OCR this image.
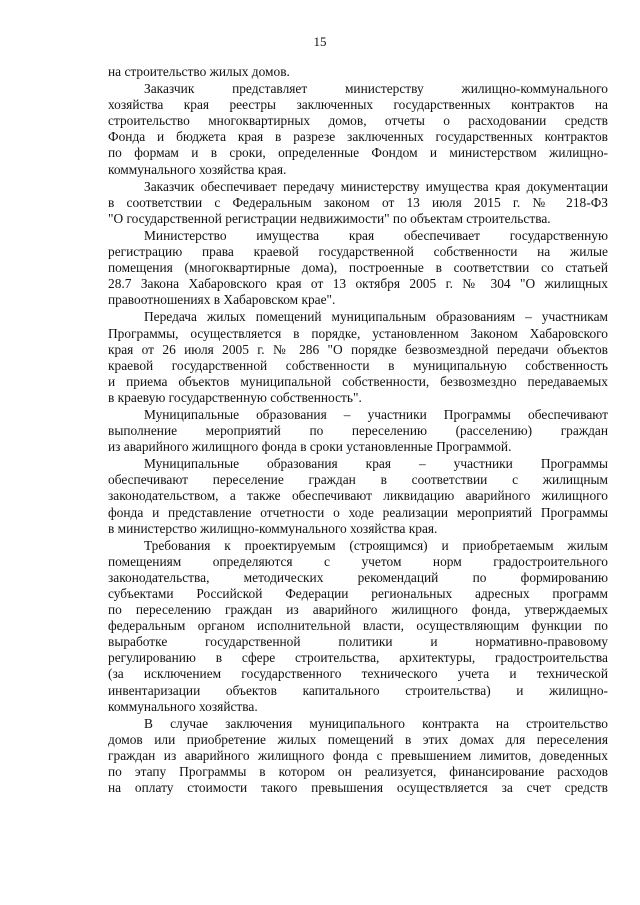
15
на строительство жилых домов.
Заказчик представляет министерству жилищно-коммунального
хозяйства края реестры заключенных государственных контрактов на
строительство многоквартирных домов, отчеты о расходовании средств
Фонда и бюджета края в разрезе заключенных государственных контрактов
по формам и в сроки, определенные Фондом и министерством жилищно-
коммунального хозяйства края.
Заказчик обеспечивает передачу министерству имущества края документации
в соответствии с Федеральным законом от 13 июля 2015 г. № 218-ФЗ
"О государственной регистрации недвижимости" по объектам строительства.
Министерство имущества края обеспечивает государственную
регистрацию права краевой государственной собственности на жилые
помещения (многоквартирные дома), построенные в соответствии со статьей
28.7 Закона Хабаровского края от 13 октября 2005 г. № 304 "О жилищных
правоотношениях в Хабаровском крае".
Передача жилых помещений муниципальным образованиям – участникам
Программы, осуществляется в порядке, установленном Законом Хабаровского
края от 26 июля 2005 г. № 286 "О порядке безвозмездной передачи объектов
краевой государственной собственности в муниципальную собственность
и приема объектов муниципальной собственности, безвозмездно передаваемых
в краевую государственную собственность".
Муниципальные образования – участники Программы обеспечивают
выполнение мероприятий по переселению (расселению) граждан
из аварийного жилищного фонда в сроки установленные Программой.
Муниципальные образования края – участники Программы
обеспечивают переселение граждан в соответствии с жилищным
законодательством, а также обеспечивают ликвидацию аварийного жилищного
фонда и представление отчетности о ходе реализации мероприятий Программы
в министерство жилищно-коммунального хозяйства края.
Требования к проектируемым (строящимся) и приобретаемым жилым
помещениям определяются с учетом норм градостроительного
законодательства, методических рекомендаций по формированию
субъектами Российской Федерации региональных адресных программ
по переселению граждан из аварийного жилищного фонда, утверждаемых
федеральным органом исполнительной власти, осуществляющим функции по
выработке государственной политики и нормативно-правовому
регулированию в сфере строительства, архитектуры, градостроительства
(за исключением государственного технического учета и технической
инвентаризации объектов капитального строительства) и жилищно-
коммунального хозяйства.
В случае заключения муниципального контракта на строительство
домов или приобретение жилых помещений в этих домах для переселения
граждан из аварийного жилищного фонда с превышением лимитов, доведенных
по этапу Программы в котором он реализуется, финансирование расходов
на оплату стоимости такого превышения осуществляется за счет средств
